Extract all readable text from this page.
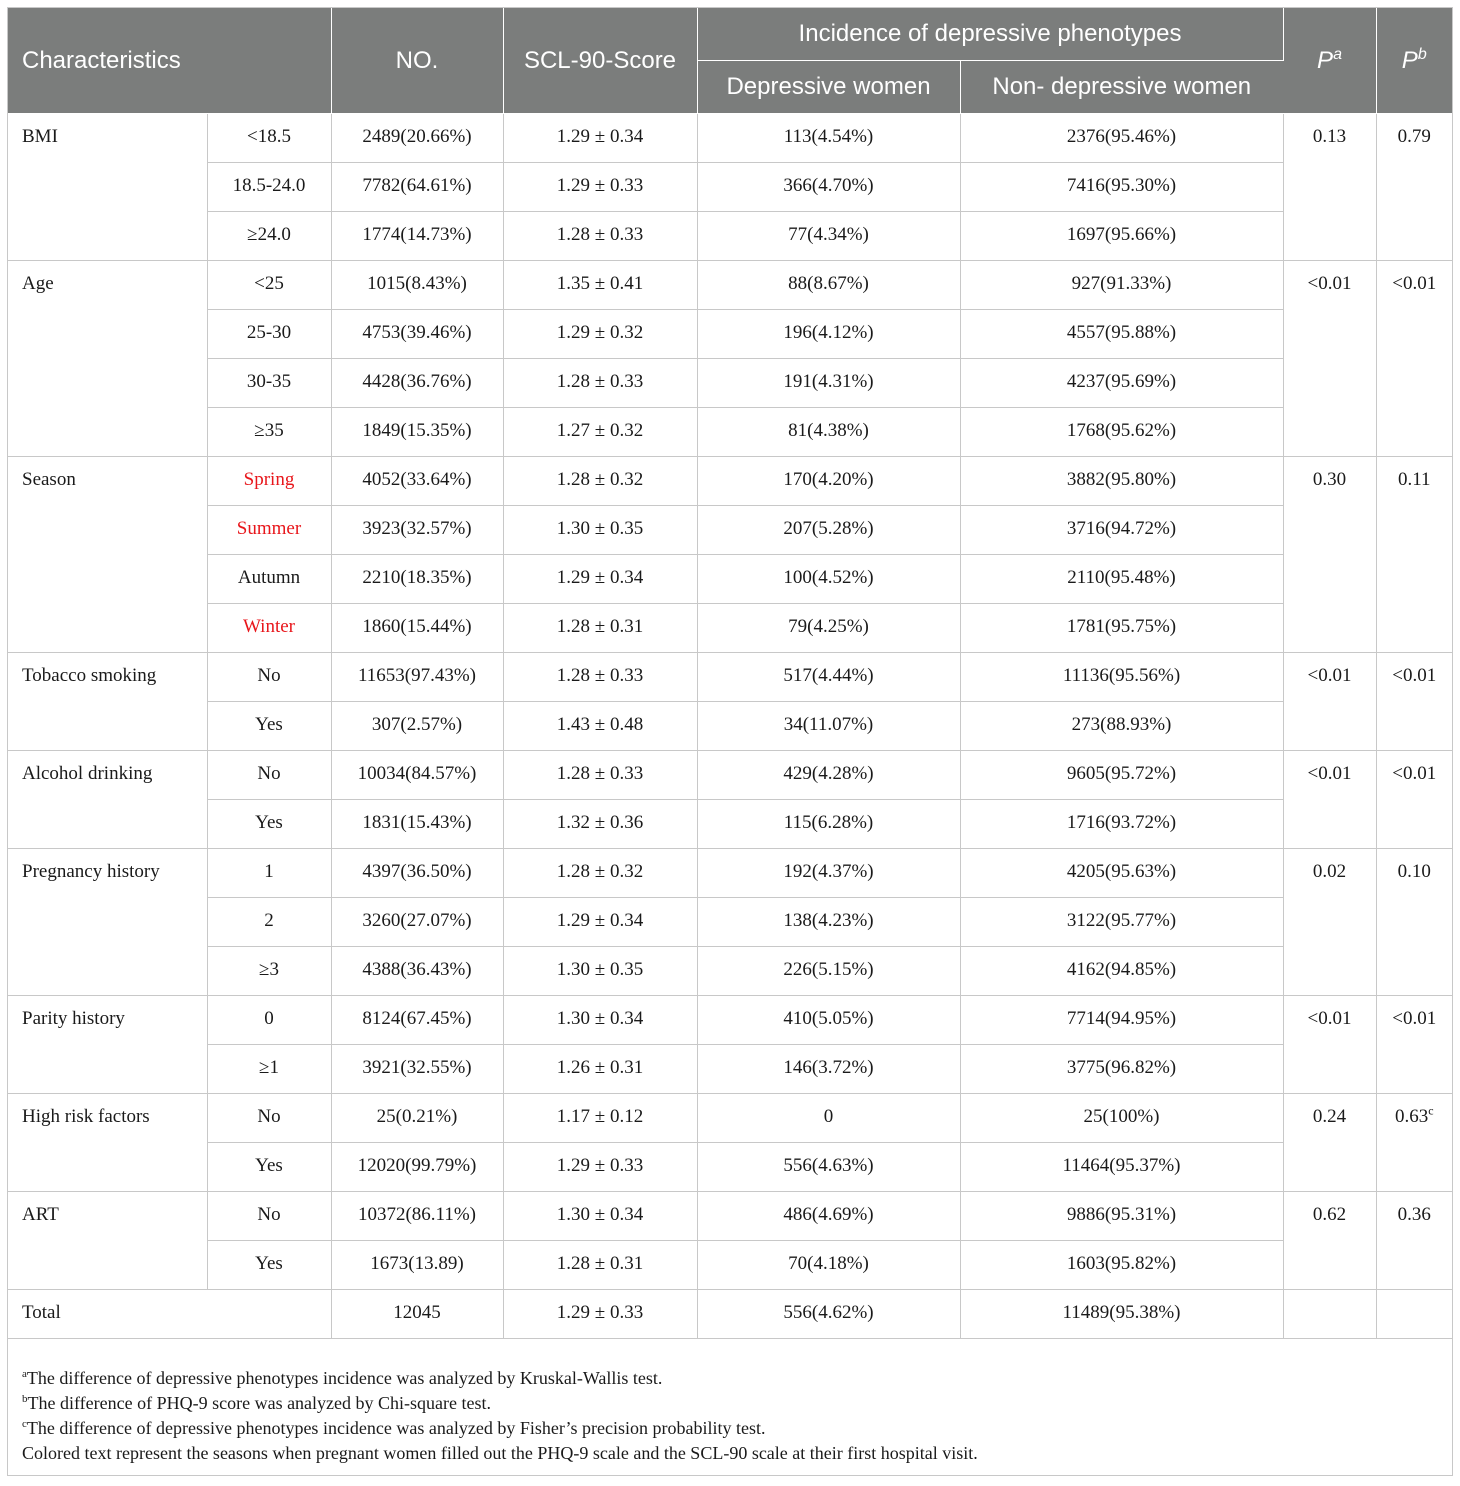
Characteristics		NO.	SCL-90-Score	Incidence of depressive phenotypes		$P^a$	$P^b$
				Depressive women	Non- depressive women		
BMI	<18.5	2489(20.66%)	1.29 ± 0.34	113(4.54%)	2376(95.46%)	0.13	0.79
	18.5-24.0	7782(64.61%)	1.29 ± 0.33	366(4.70%)	7416(95.30%)		
	≥24.0	1774(14.73%)	1.28 ± 0.33	77(4.34%)	1697(95.66%)		
Age	<25	1015(8.43%)	1.35 ± 0.41	88(8.67%)	927(91.33%)	<0.01	<0.01
	25-30	4753(39.46%)	1.29 ± 0.32	196(4.12%)	4557(95.88%)		
	30-35	4428(36.76%)	1.28 ± 0.33	191(4.31%)	4237(95.69%)		
	≥35	1849(15.35%)	1.27 ± 0.32	81(4.38%)	1768(95.62%)		
Season	Spring	4052(33.64%)	1.28 ± 0.32	170(4.20%)	3882(95.80%)	0.30	0.11
	Summer	3923(32.57%)	1.30 ± 0.35	207(5.28%)	3716(94.72%)		
	Autumn	2210(18.35%)	1.29 ± 0.34	100(4.52%)	2110(95.48%)		
	Winter	1860(15.44%)	1.28 ± 0.31	79(4.25%)	1781(95.75%)		
Tobacco smoking	No	11653(97.43%)	1.28 ± 0.33	517(4.44%)	11136(95.56%)	<0.01	<0.01
	Yes	307(2.57%)	1.43 ± 0.48	34(11.07%)	273(88.93%)		
Alcohol drinking	No	10034(84.57%)	1.28 ± 0.33	429(4.28%)	9605(95.72%)	<0.01	<0.01
	Yes	1831(15.43%)	1.32 ± 0.36	115(6.28%)	1716(93.72%)		
Pregnancy history	1	4397(36.50%)	1.28 ± 0.32	192(4.37%)	4205(95.63%)	0.02	0.10
	2	3260(27.07%)	1.29 ± 0.34	138(4.23%)	3122(95.77%)		
	≥3	4388(36.43%)	1.30 ± 0.35	226(5.15%)	4162(94.85%)		
Parity history	0	8124(67.45%)	1.30 ± 0.34	410(5.05%)	7714(94.95%)	<0.01	<0.01
	≥1	3921(32.55%)	1.26 ± 0.31	146(3.72%)	3775(96.82%)		
High risk factors	No	25(0.21%)	1.17 ± 0.12	0	25(100%)	0.24	0.63$^c$
	Yes	12020(99.79%)	1.29 ± 0.33	556(4.63%)	11464(95.37%)		
ART	No	10372(86.11%)	1.30 ± 0.34	486(4.69%)	9886(95.31%)	0.62	0.36
	Yes	1673(13.89)	1.28 ± 0.31	70(4.18%)	1603(95.82%)		
Total		12045	1.29 ± 0.33	556(4.62%)	11489(95.38%)		
$^a$The difference of depressive phenotypes incidence was analyzed by Kruskal-Wallis test.
$^b$The difference of PHQ-9 score was analyzed by Chi-square test.
$^c$The difference of depressive phenotypes incidence was analyzed by Fisher’s precision probability test.
Colored text represent the seasons when pregnant women filled out the PHQ-9 scale and the SCL-90 scale at their first hospital visit.
